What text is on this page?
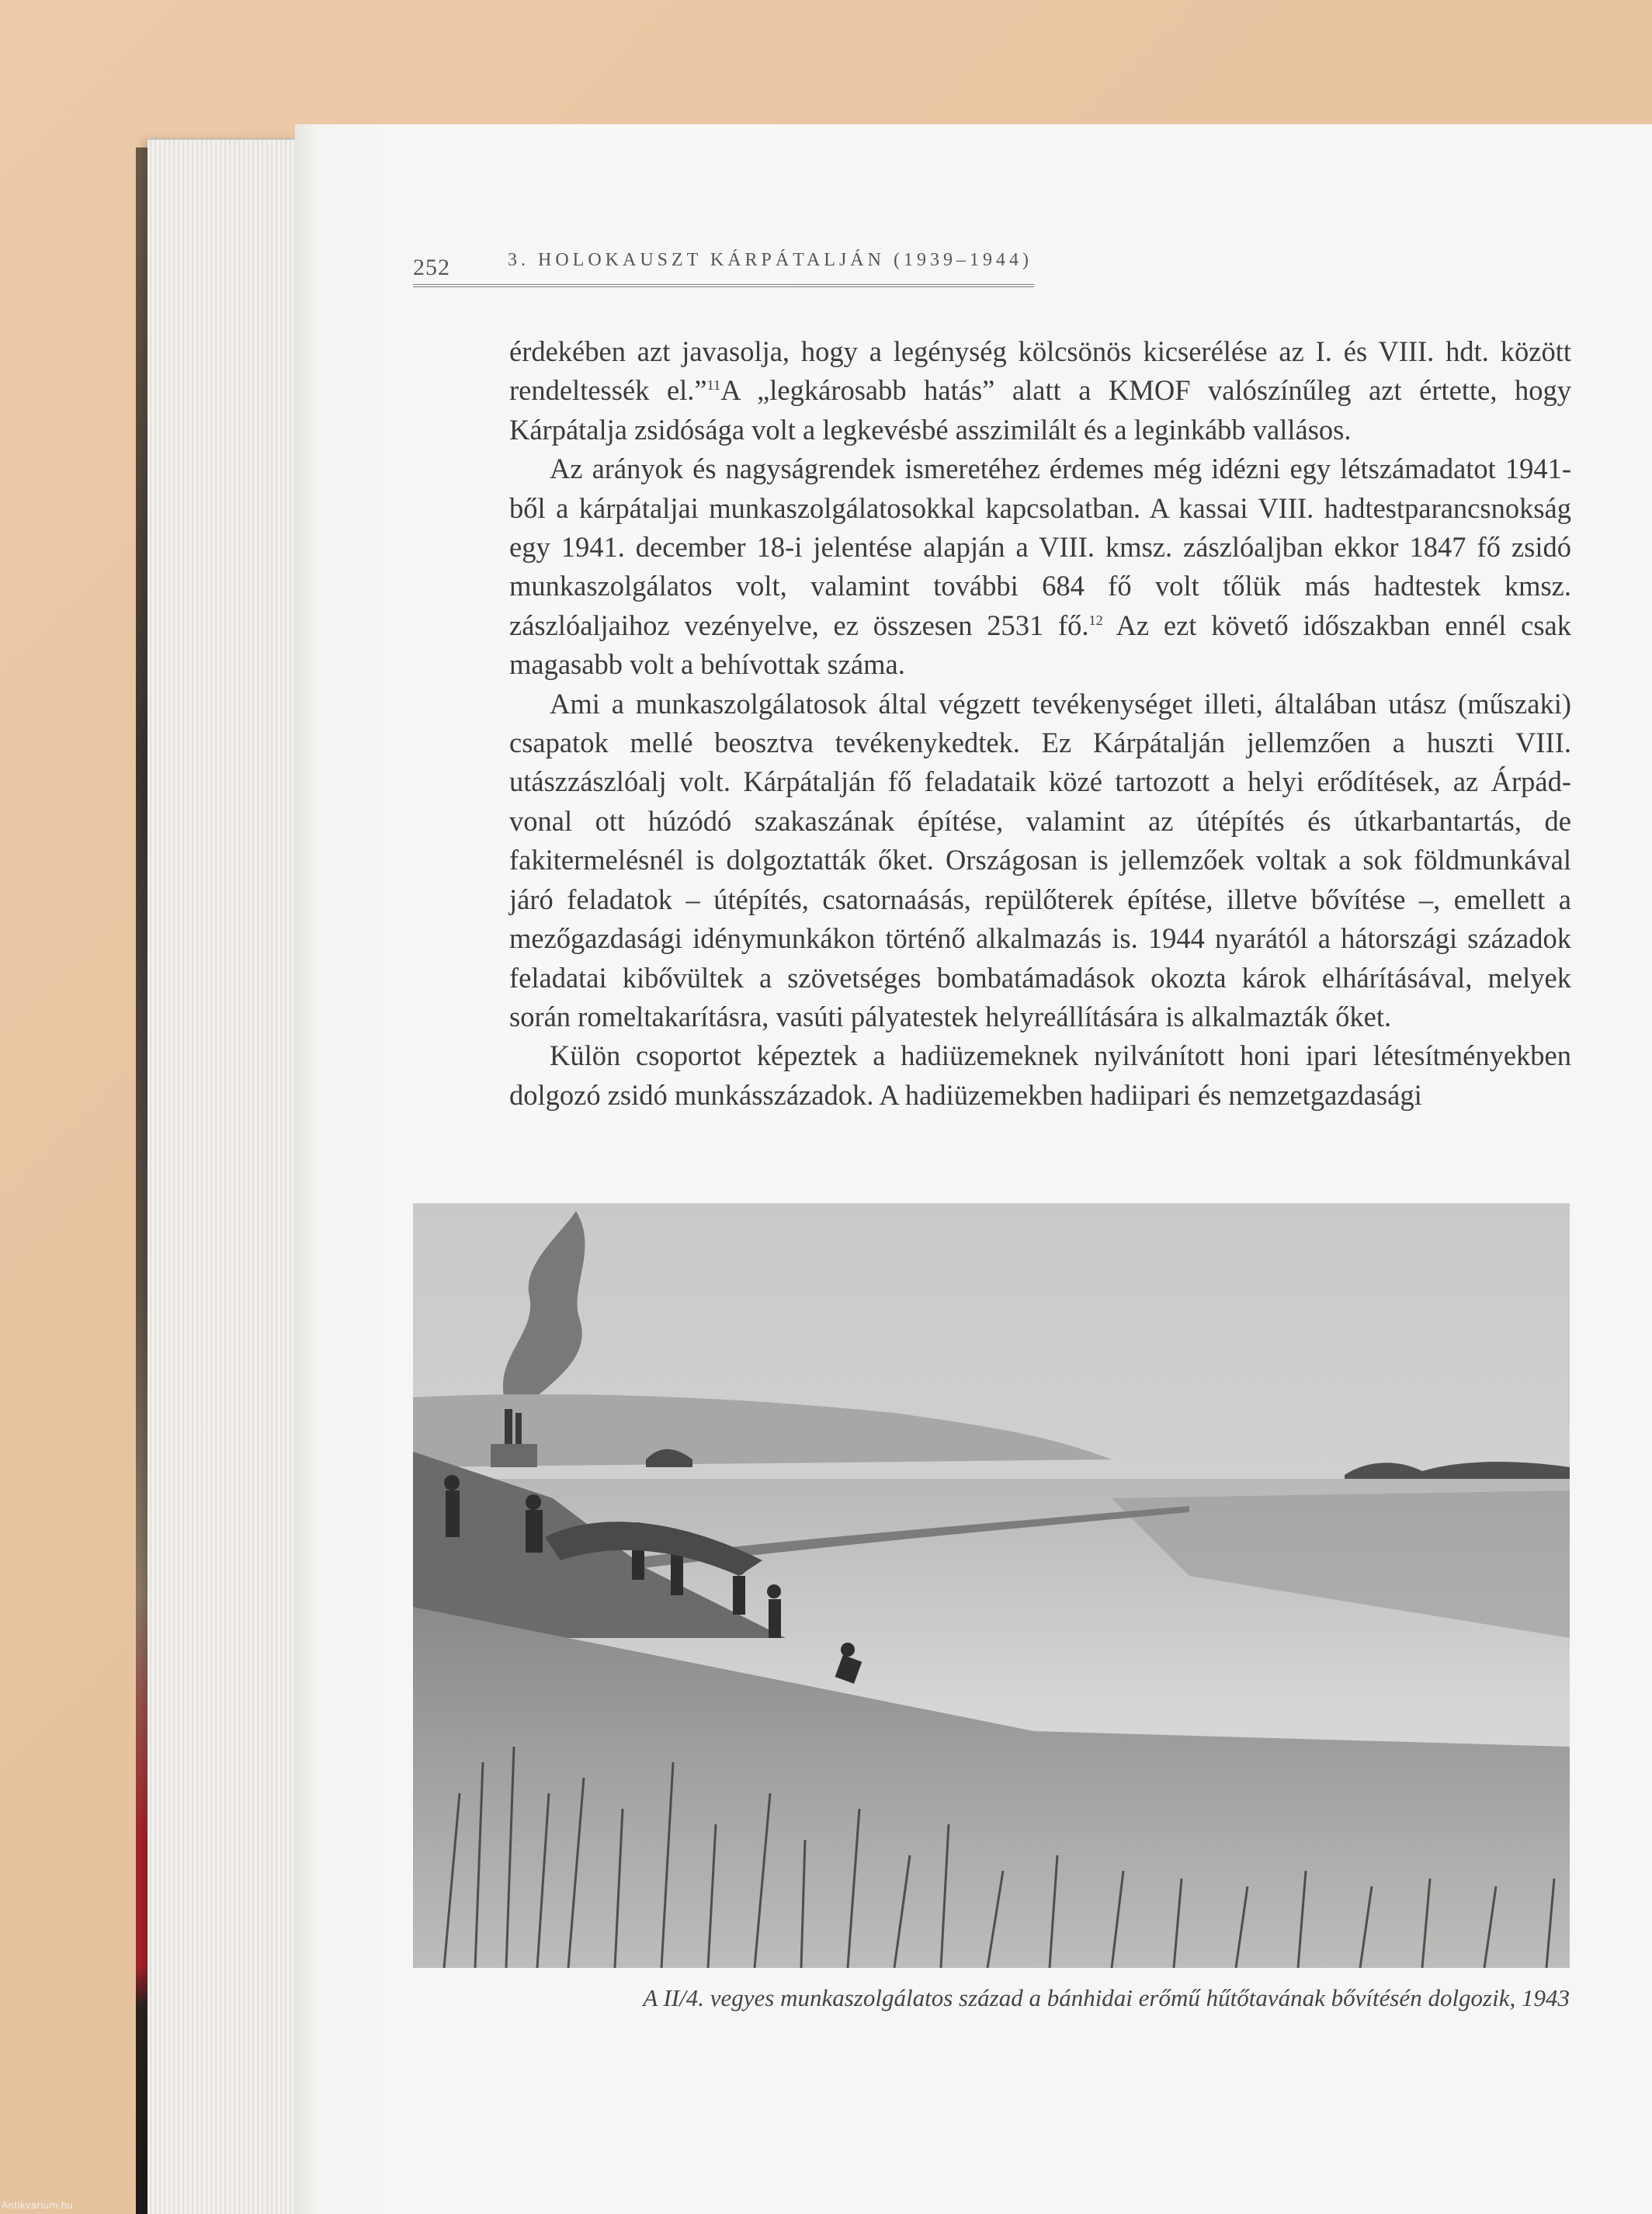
252	3. HOLOKAUSZT KÁRPÁTALJÁN (1939–1944)

érdekében azt javasolja, hogy a legénység kölcsönös kicserélése az I. és VIII. hdt. között rendeltessék el.”$^{11}$A „legkárosabb hatás” alatt a KMOF valószínűleg azt értette, hogy Kárpátalja zsidósága volt a legkevésbé asszimilált és a leginkább vallásos.

Az arányok és nagyságrendek ismeretéhez érdemes még idézni egy létszámadatot 1941-ből a kárpátaljai munkaszolgálatosokkal kapcsolatban. A kassai VIII. hadtestparancsnokság egy 1941. december 18-i jelentése alapján a VIII. kmsz. zászlóaljban ekkor 1847 fő zsidó munkaszolgálatos volt, valamint további 684 fő volt tőlük más hadtestek kmsz. zászlóaljaihoz vezényelve, ez összesen 2531 fő.$^{12}$ Az ezt követő időszakban ennél csak magasabb volt a behívottak száma.

Ami a munkaszolgálatosok által végzett tevékenységet illeti, általában utász (műszaki) csapatok mellé beosztva tevékenykedtek. Ez Kárpátalján jellemzően a huszti VIII. utászzászlóalj volt. Kárpátalján fő feladataik közé tartozott a helyi erődítések, az Árpád-vonal ott húzódó szakaszának építése, valamint az útépítés és útkarbantartás, de fakitermelésnél is dolgoztatták őket. Országosan is jellemzőek voltak a sok földmunkával járó feladatok – útépítés, csatornaásás, repülőterek építése, illetve bővítése –, emellett a mezőgazdasági idénymunkákon történő alkalmazás is. 1944 nyarától a hátországi századok feladatai kibővültek a szövetséges bombatámadások okozta károk elhárításával, melyek során romeltakarításra, vasúti pályatestek helyreállítására is alkalmazták őket.

Külön csoportot képeztek a hadiüzemeknek nyilvánított honi ipari létesítményekben dolgozó zsidó munkásszázadok. A hadiüzemekben hadiipari és nemzetgazdasági

A II/4. vegyes munkaszolgálatos század a bánhidai erőmű hűtőtavának bővítésén dolgozik, 1943
Antikvarium.hu
